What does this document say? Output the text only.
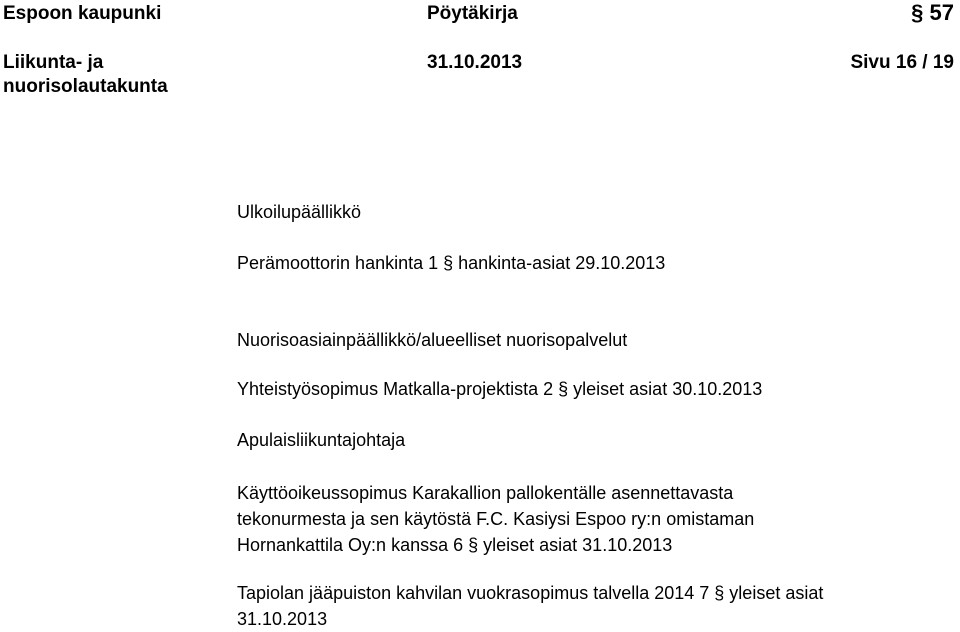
Espoon kaupunki	Pöytäkirja	§ 57
Liikunta- ja
nuorisolautakunta
31.10.2013	Sivu 16 / 19
Ulkoilupäällikkö
Perämoottorin hankinta 1 § hankinta-asiat 29.10.2013
Nuorisoasiainpäällikkö/alueelliset nuorisopalvelut
Yhteistyösopimus Matkalla-projektista 2 § yleiset asiat 30.10.2013
Apulaisliikuntajohtaja
Käyttöoikeussopimus Karakallion pallokentälle asennettavasta
tekonurmesta ja sen käytöstä F.C. Kasiysi Espoo ry:n omistaman
Hornankattila Oy:n kanssa 6 § yleiset asiat 31.10.2013
Tapiolan jääpuiston kahvilan vuokrasopimus talvella 2014 7 § yleiset asiat
31.10.2013
